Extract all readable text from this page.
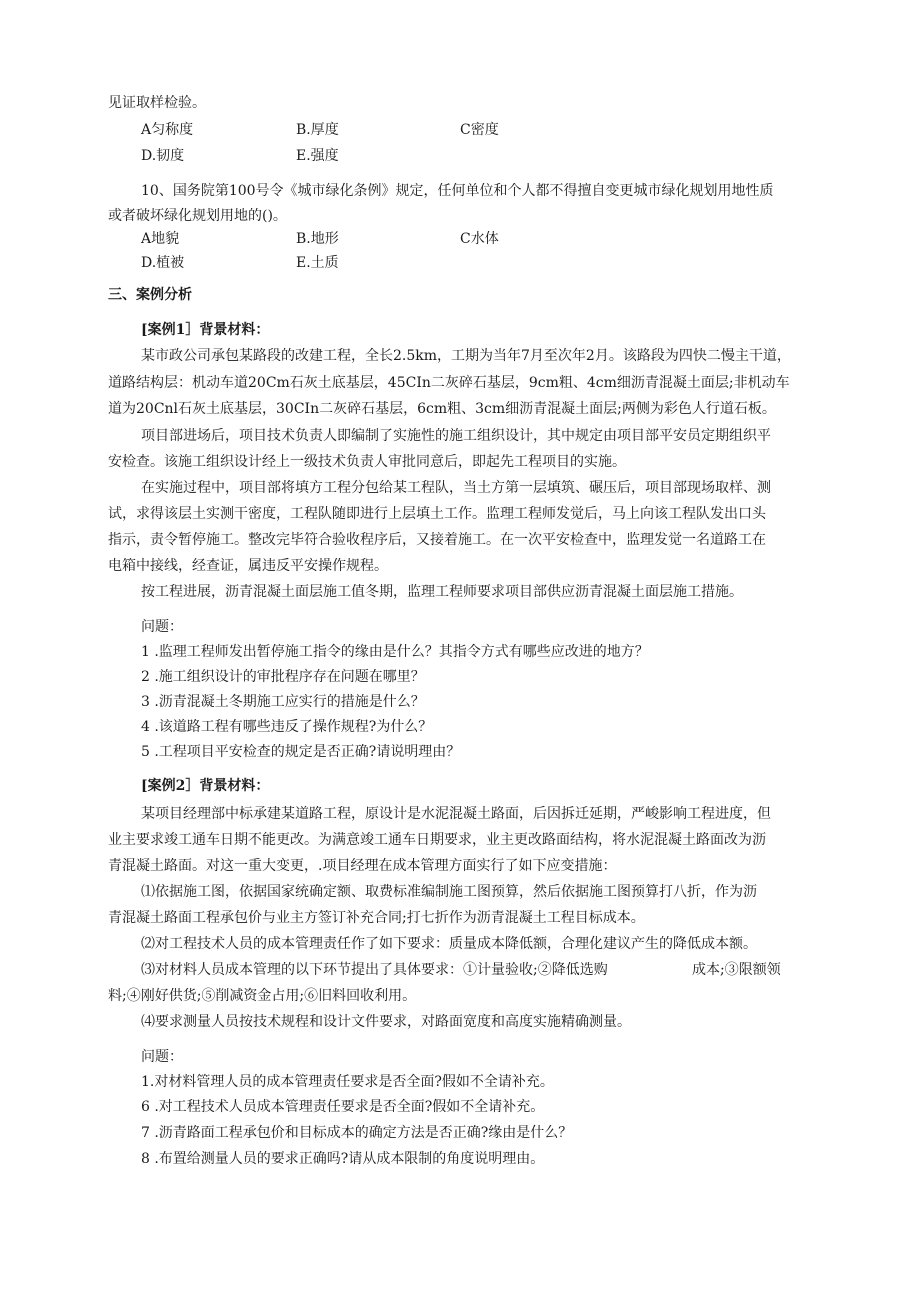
见证取样检验。

A匀称度	B.厚度	C密度

D.韧度	E.强度

10、国务院第100号令《城市绿化条例》规定，任何单位和个人都不得擅自变更城市绿化规划用地性质

或者破坏绿化规划用地的()。

A地貌	B.地形	C水体

D.植被	E.土质

三、案例分析

[案例1］背景材料：

某市政公司承包某路段的改建工程，全长2.5km，工期为当年7月至次年2月。该路段为四快二慢主干道，

道路结构层：机动车道20Cm石灰土底基层，45CIn二灰碎石基层，9cm粗、4cm细沥青混凝土面层;非机动车

道为20Cnl石灰土底基层，30CIn二灰碎石基层，6cm粗、3cm细沥青混凝土面层;两侧为彩色人行道石板。

项目部进场后，项目技术负责人即编制了实施性的施工组织设计，其中规定由项目部平安员定期组织平

安检查。该施工组织设计经上一级技术负责人审批同意后，即起先工程项目的实施。

在实施过程中，项目部将填方工程分包给某工程队，当土方第一层填筑、碾压后，项目部现场取样、测

试，求得该层土实测干密度，工程队随即进行上层填土工作。监理工程师发觉后，马上向该工程队发出口头

指示，责令暂停施工。整改完毕符合验收程序后，又接着施工。在一次平安检查中，监理发觉一名道路工在

电箱中接线，经查证，属违反平安操作规程。

按工程进展，沥青混凝土面层施工值冬期，监理工程师要求项目部供应沥青混凝土面层施工措施。

问题：

1 .监理工程师发出暂停施工指令的缘由是什么？其指令方式有哪些应改进的地方？

2 .施工组织设计的审批程序存在问题在哪里？

3 .沥青混凝土冬期施工应实行的措施是什么？

4 .该道路工程有哪些违反了操作规程?为什么？

5 .工程项目平安检查的规定是否正确?请说明理由？

[案例2］背景材料：

某项目经理部中标承建某道路工程，原设计是水泥混凝土路面，后因拆迁延期，严峻影响工程进度，但

业主要求竣工通车日期不能更改。为满意竣工通车日期要求，业主更改路面结构，将水泥混凝土路面改为沥

青混凝土路面。对这一重大变更，.项目经理在成本管理方面实行了如下应变措施：

⑴依据施工图，依据国家统确定额、取费标准编制施工图预算，然后依据施工图预算打八折，作为沥

青混凝土路面工程承包价与业主方签订补充合同;打七折作为沥青混凝土工程目标成本。

⑵对工程技术人员的成本管理责任作了如下要求：质量成本降低额，合理化建议产生的降低成本额。

⑶对材料人员成本管理的以下环节提出了具体要求：①计量验收;②降低选购	成本;③限额领

料;④刚好供货;⑤削减资金占用;⑥旧料回收利用。

⑷要求测量人员按技术规程和设计文件要求，对路面宽度和高度实施精确测量。

问题：

1.对材料管理人员的成本管理责任要求是否全面?假如不全请补充。

6 .对工程技术人员成本管理责任要求是否全面?假如不全请补充。

7 .沥青路面工程承包价和目标成本的确定方法是否正确?缘由是什么？

8 .布置给测量人员的要求正确吗?请从成本限制的角度说明理由。
